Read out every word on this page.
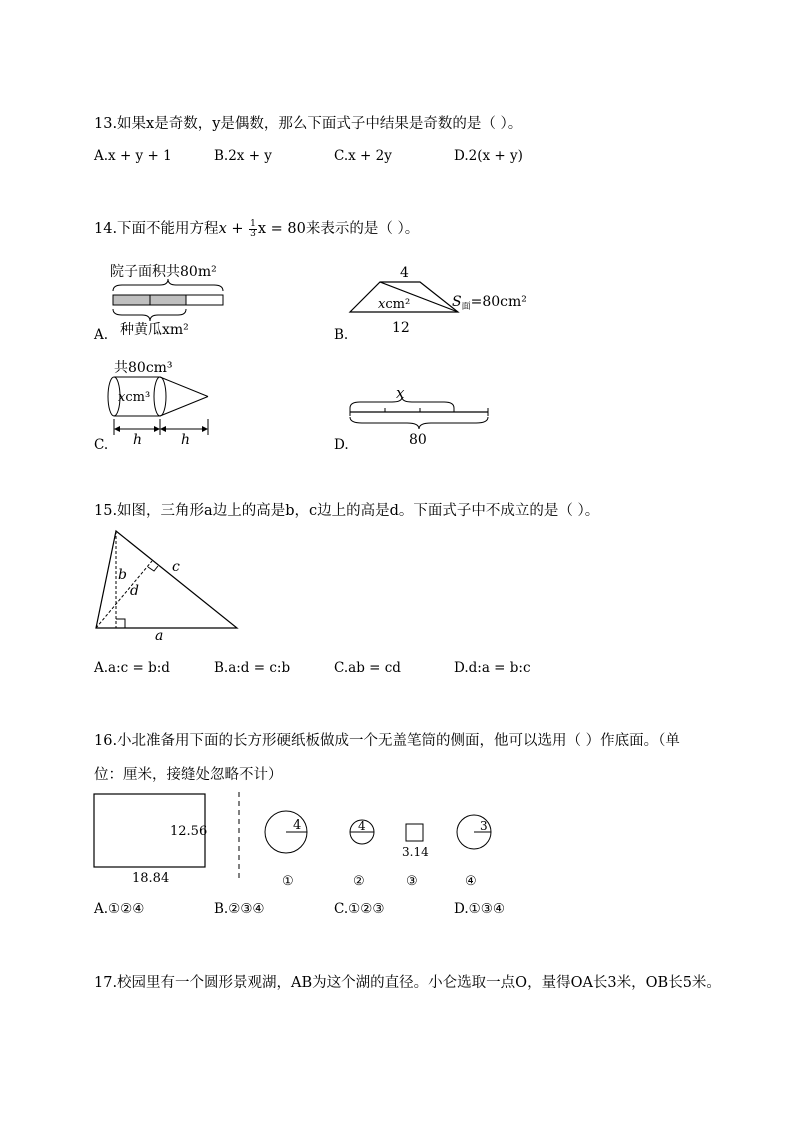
13.如果x是奇数，y是偶数，那么下面式子中结果是奇数的是（ ）。
A.x + y + 1	B.2x + y	C.x + 2y	D.2(x + y)
14.下面不能用方程$x + \frac{1}{3}$ x = 80来表示的是（ ）。
院子面积共80m²
种黄瓜xm²
A.
4
xcm²
12
$S_面=80cm^2$
B.
共80cm³
xcm³
h	h
C.
x
80
D.
15.如图，三角形a边上的高是b，c边上的高是d。下面式子中不成立的是（ ）。
b
d
c
a
A.a:c = b:d	B.a:d = c:b	C.ab = cd	D.d:a = b:c
16.小北准备用下面的长方形硬纸板做成一个无盖笔筒的侧面，他可以选用（ ）作底面。（单
位：厘米，接缝处忽略不计）
12.56
18.84
4
①
4
②
3.14
③
3
④
A.①②④	B.②③④	C.①②③	D.①③④
17.校园里有一个圆形景观湖，AB为这个湖的直径。小仑选取一点O，量得OA长3米，OB长5米。
